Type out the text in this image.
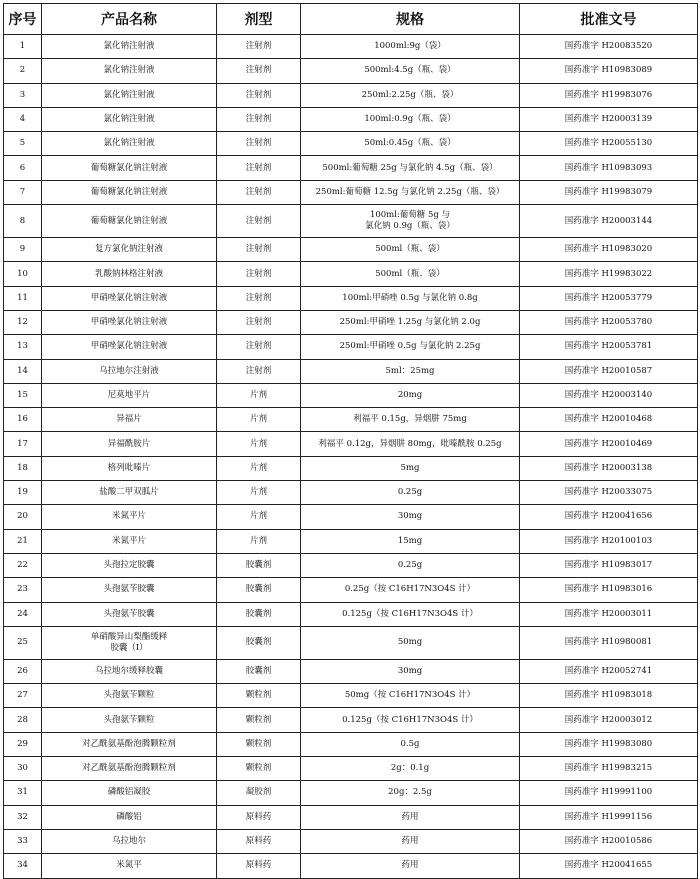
序号	产品名称	剂型	规格	批准文号
1	氯化钠注射液	注射剂	1000ml:9g（袋）	国药准字 H20083520
2	氯化钠注射液	注射剂	500ml:4.5g（瓶、袋）	国药准字 H10983089
3	氯化钠注射液	注射剂	250ml:2.25g（瓶、袋）	国药准字 H19983076
4	氯化钠注射液	注射剂	100ml:0.9g（瓶、袋）	国药准字 H20003139
5	氯化钠注射液	注射剂	50ml:0.45g（瓶、袋）	国药准字 H20055130
6	葡萄糖氯化钠注射液	注射剂	500ml:葡萄糖 25g 与氯化钠 4.5g（瓶、袋）	国药准字 H10983093
7	葡萄糖氯化钠注射液	注射剂	250ml:葡萄糖 12.5g 与氯化钠 2.25g（瓶、袋）	国药准字 H19983079
8	葡萄糖氯化钠注射液	注射剂	100ml:葡萄糖 5g 与
氯化钠 0.9g（瓶、袋）	国药准字 H20003144
9	复方氯化钠注射液	注射剂	500ml（瓶、袋）	国药准字 H10983020
10	乳酸钠林格注射液	注射剂	500ml（瓶、袋）	国药准字 H19983022
11	甲硝唑氯化钠注射液	注射剂	100ml:甲硝唑 0.5g 与氯化钠 0.8g	国药准字 H20053779
12	甲硝唑氯化钠注射液	注射剂	250ml:甲硝唑 1.25g 与氯化钠 2.0g	国药准字 H20053780
13	甲硝唑氯化钠注射液	注射剂	250ml:甲硝唑 0.5g 与氯化钠 2.25g	国药准字 H20053781
14	乌拉地尔注射液	注射剂	5ml：25mg	国药准字 H20010587
15	尼莫地平片	片剂	20mg	国药准字 H20003140
16	异福片	片剂	利福平 0.15g，异烟肼 75mg	国药准字 H20010468
17	异福酰胺片	片剂	利福平 0.12g，异烟肼 80mg，吡嗪酰胺 0.25g	国药准字 H20010469
18	格列吡嗪片	片剂	5mg	国药准字 H20003138
19	盐酸二甲双胍片	片剂	0.25g	国药准字 H20033075
20	米氮平片	片剂	30mg	国药准字 H20041656
21	米氮平片	片剂	15mg	国药准字 H20100103
22	头孢拉定胶囊	胶囊剂	0.25g	国药准字 H10983017
23	头孢氨苄胶囊	胶囊剂	0.25g（按 C16H17N3O4S 计）	国药准字 H10983016
24	头孢氨苄胶囊	胶囊剂	0.125g（按 C16H17N3O4S 计）	国药准字 H20003011
25	单硝酸异山梨酯缓释
胶囊（Ⅰ）	胶囊剂	50mg	国药准字 H10980081
26	乌拉地尔缓释胶囊	胶囊剂	30mg	国药准字 H20052741
27	头孢氨苄颗粒	颗粒剂	50mg（按 C16H17N3O4S 计）	国药准字 H10983018
28	头孢氨苄颗粒	颗粒剂	0.125g（按 C16H17N3O4S 计）	国药准字 H20003012
29	对乙酰氨基酚泡腾颗粒剂	颗粒剂	0.5g	国药准字 H19983080
30	对乙酰氨基酚泡腾颗粒剂	颗粒剂	2g：0.1g	国药准字 H19983215
31	磷酸铝凝胶	凝胶剂	20g：2.5g	国药准字 H19991100
32	磷酸铝	原料药	药用	国药准字 H19991156
33	乌拉地尔	原料药	药用	国药准字 H20010586
34	米氮平	原料药	药用	国药准字 H20041655
